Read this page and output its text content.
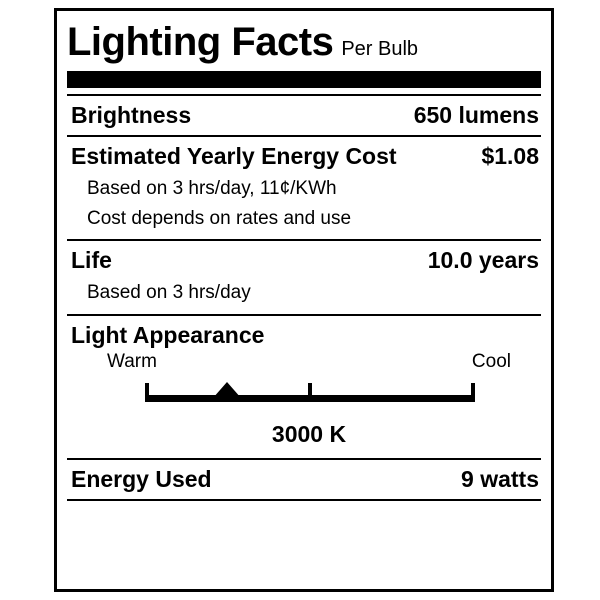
Lighting Facts Per Bulb
Brightness	650 lumens
Estimated Yearly Energy Cost	$1.08
Based on 3 hrs/day, 11¢/KWh
Cost depends on rates and use
Life	10.0 years
Based on 3 hrs/day
Light Appearance
Warm	Cool
3000 K
Energy Used	9 watts
